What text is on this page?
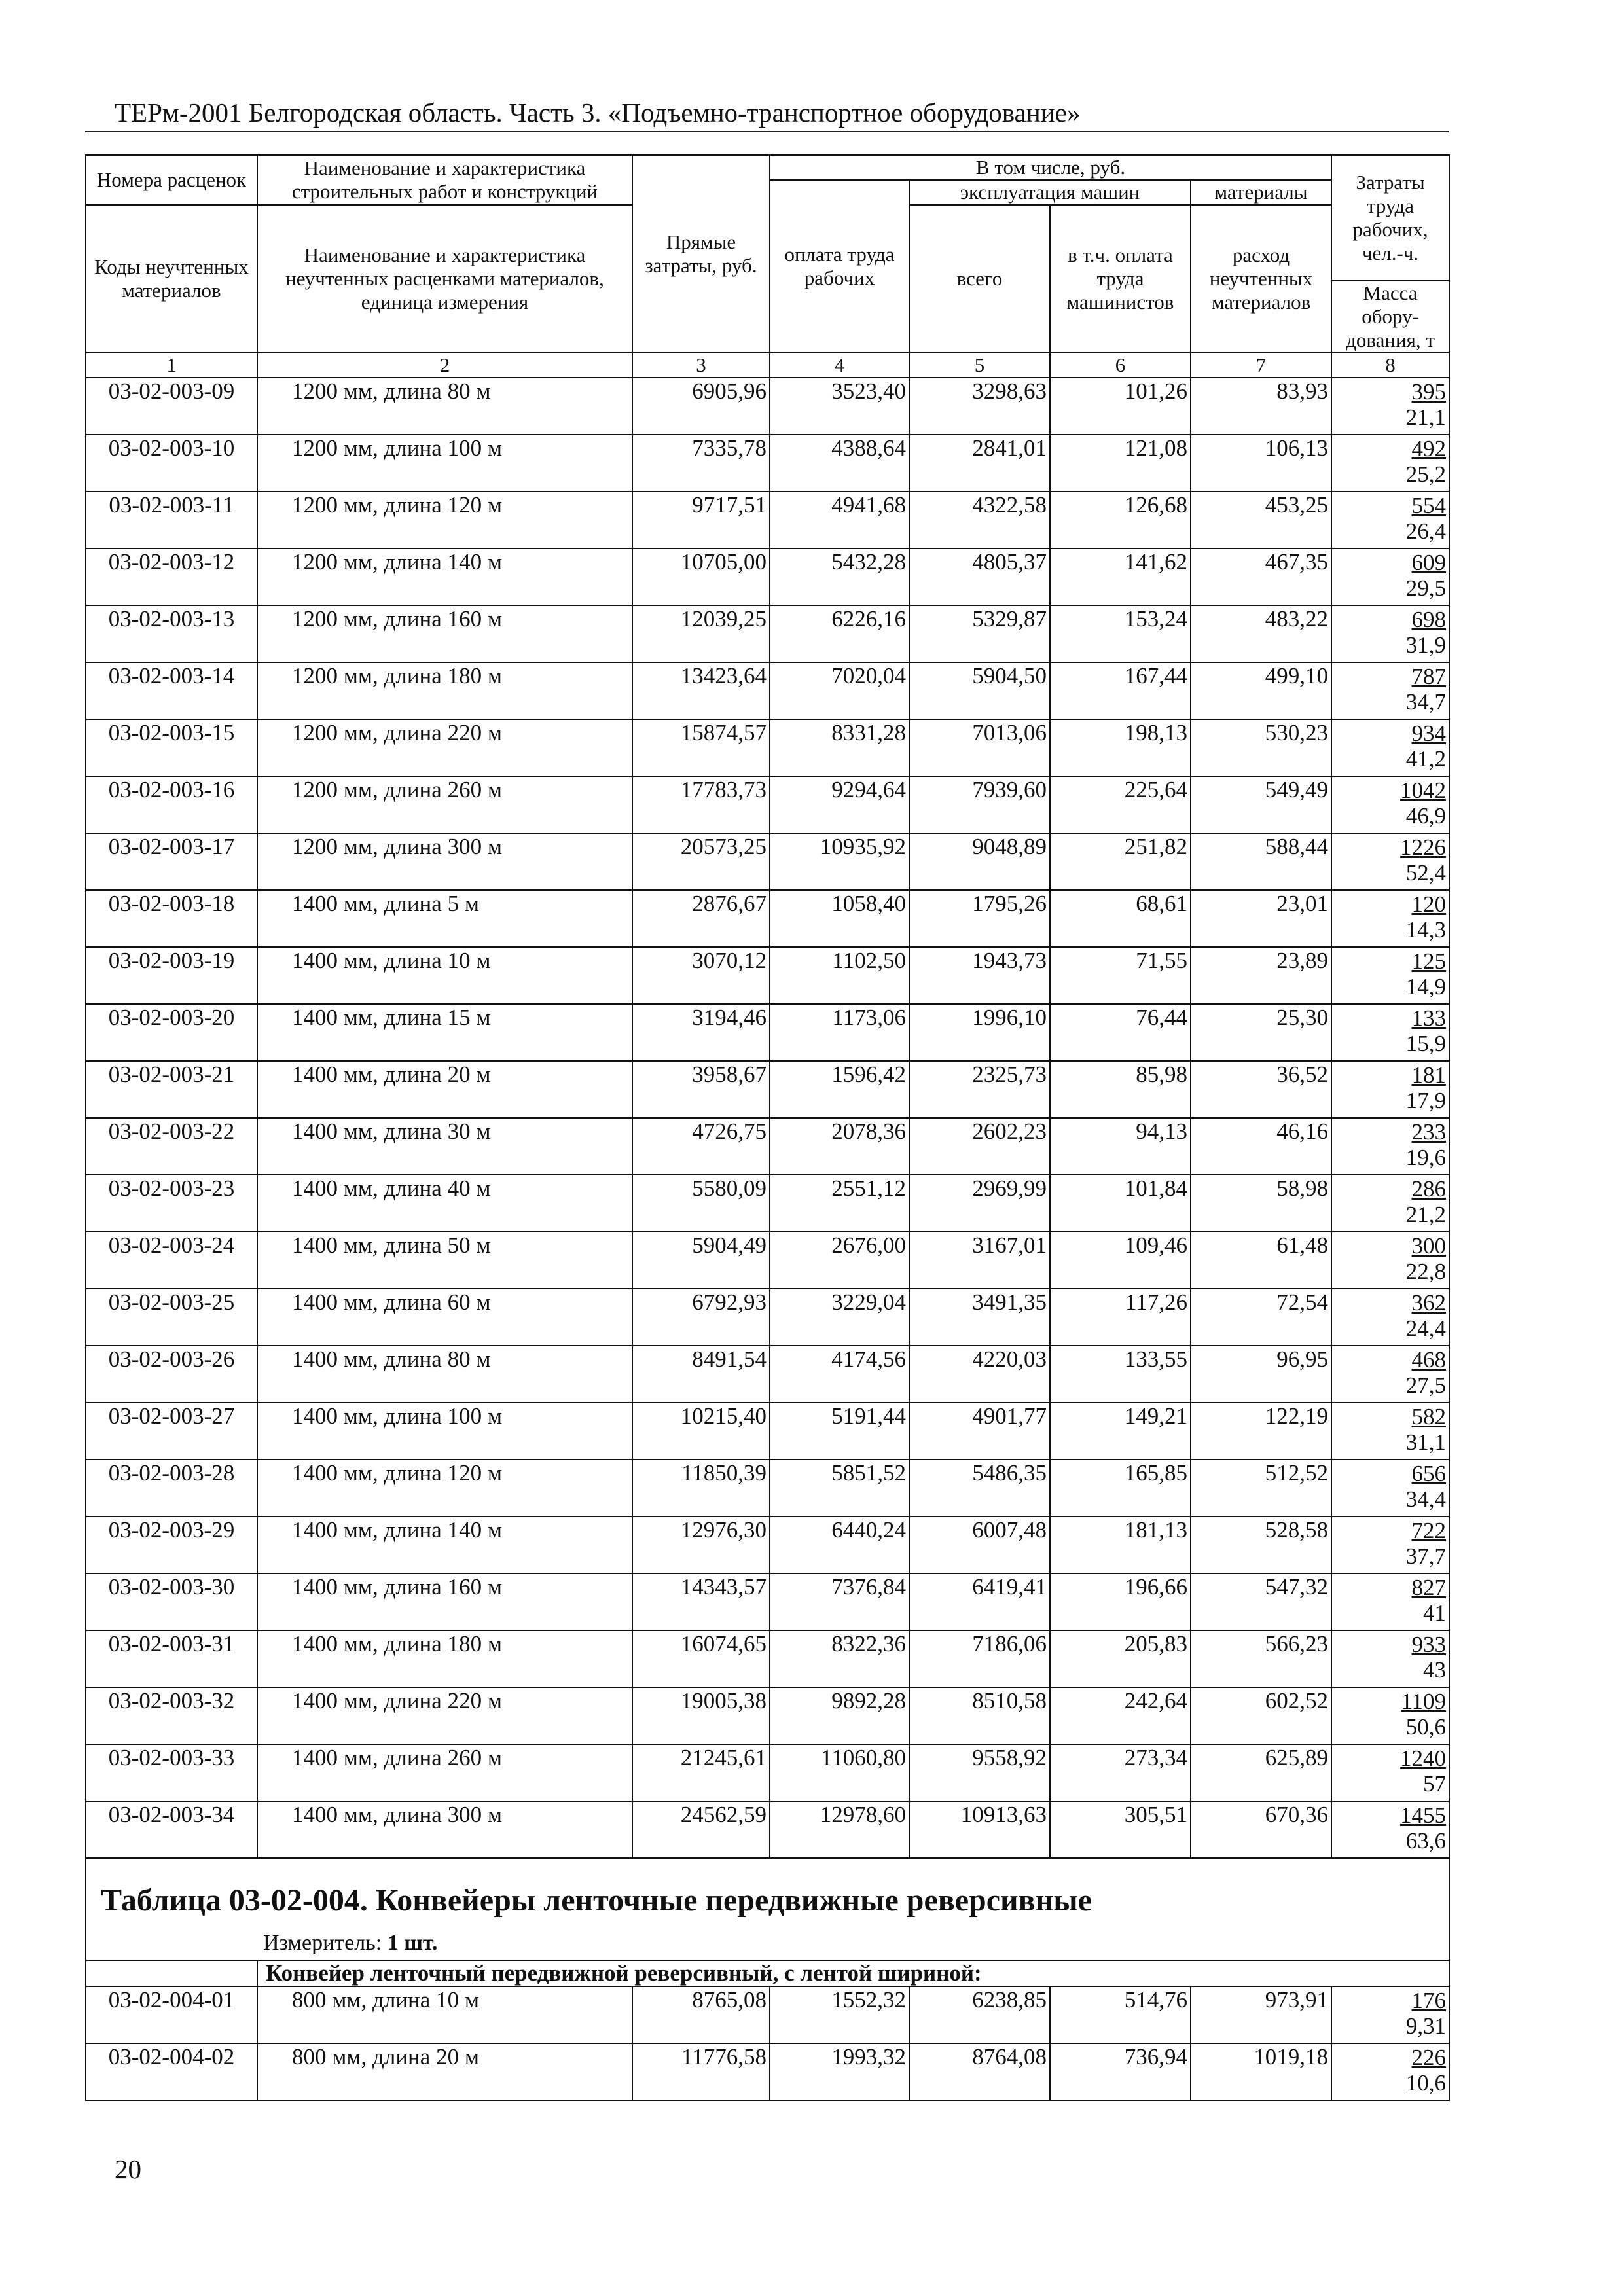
ТЕРм-2001 Белгородская область. Часть 3. «Подъемно-транспортное оборудование»
Номера расценок	Наименование и характеристика строительных работ и конструкций	Прямые затраты, руб.	В том числе, руб.				Затраты труда рабочих, чел.-ч.
			оплата труда рабочих	эксплуатация машин		материалы	
Коды неучтенных материалов	Наименование и характеристика неучтенных расценками материалов, единица измерения			всего	в т.ч. оплата труда машинистов	расход неучтенных материалов	
							Масса обору-дования, т
1	2	3	4	5	6	7	8
03-02-003-09	1200 мм, длина 80 м	6905,96	3523,40	3298,63	101,26	83,93	395
21,1

03-02-003-10	1200 мм, длина 100 м	7335,78	4388,64	2841,01	121,08	106,13	492
25,2

03-02-003-11	1200 мм, длина 120 м	9717,51	4941,68	4322,58	126,68	453,25	554
26,4

03-02-003-12	1200 мм, длина 140 м	10705,00	5432,28	4805,37	141,62	467,35	609
29,5

03-02-003-13	1200 мм, длина 160 м	12039,25	6226,16	5329,87	153,24	483,22	698
31,9

03-02-003-14	1200 мм, длина 180 м	13423,64	7020,04	5904,50	167,44	499,10	787
34,7

03-02-003-15	1200 мм, длина 220 м	15874,57	8331,28	7013,06	198,13	530,23	934
41,2

03-02-003-16	1200 мм, длина 260 м	17783,73	9294,64	7939,60	225,64	549,49	1042
46,9

03-02-003-17	1200 мм, длина 300 м	20573,25	10935,92	9048,89	251,82	588,44	1226
52,4

03-02-003-18	1400 мм, длина 5 м	2876,67	1058,40	1795,26	68,61	23,01	120
14,3

03-02-003-19	1400 мм, длина 10 м	3070,12	1102,50	1943,73	71,55	23,89	125
14,9

03-02-003-20	1400 мм, длина 15 м	3194,46	1173,06	1996,10	76,44	25,30	133
15,9

03-02-003-21	1400 мм, длина 20 м	3958,67	1596,42	2325,73	85,98	36,52	181
17,9

03-02-003-22	1400 мм, длина 30 м	4726,75	2078,36	2602,23	94,13	46,16	233
19,6

03-02-003-23	1400 мм, длина 40 м	5580,09	2551,12	2969,99	101,84	58,98	286
21,2

03-02-003-24	1400 мм, длина 50 м	5904,49	2676,00	3167,01	109,46	61,48	300
22,8

03-02-003-25	1400 мм, длина 60 м	6792,93	3229,04	3491,35	117,26	72,54	362
24,4

03-02-003-26	1400 мм, длина 80 м	8491,54	4174,56	4220,03	133,55	96,95	468
27,5

03-02-003-27	1400 мм, длина 100 м	10215,40	5191,44	4901,77	149,21	122,19	582
31,1

03-02-003-28	1400 мм, длина 120 м	11850,39	5851,52	5486,35	165,85	512,52	656
34,4

03-02-003-29	1400 мм, длина 140 м	12976,30	6440,24	6007,48	181,13	528,58	722
37,7

03-02-003-30	1400 мм, длина 160 м	14343,57	7376,84	6419,41	196,66	547,32	827
41

03-02-003-31	1400 мм, длина 180 м	16074,65	8322,36	7186,06	205,83	566,23	933
43

03-02-003-32	1400 мм, длина 220 м	19005,38	9892,28	8510,58	242,64	602,52	1109
50,6

03-02-003-33	1400 мм, длина 260 м	21245,61	11060,80	9558,92	273,34	625,89	1240
57

03-02-003-34	1400 мм, длина 300 м	24562,59	12978,60	10913,63	305,51	670,36	1455
63,6

Таблица 03-02-004. Конвейеры ленточные передвижные реверсивные
Измеритель: 1 шт.							

	Конвейер ленточный передвижной реверсивный, с лентой шириной:						
03-02-004-01	800 мм, длина 10 м	8765,08	1552,32	6238,85	514,76	973,91	176
9,31

03-02-004-02	800 мм, длина 20 м	11776,58	1993,32	8764,08	736,94	1019,18	226
10,6
20
